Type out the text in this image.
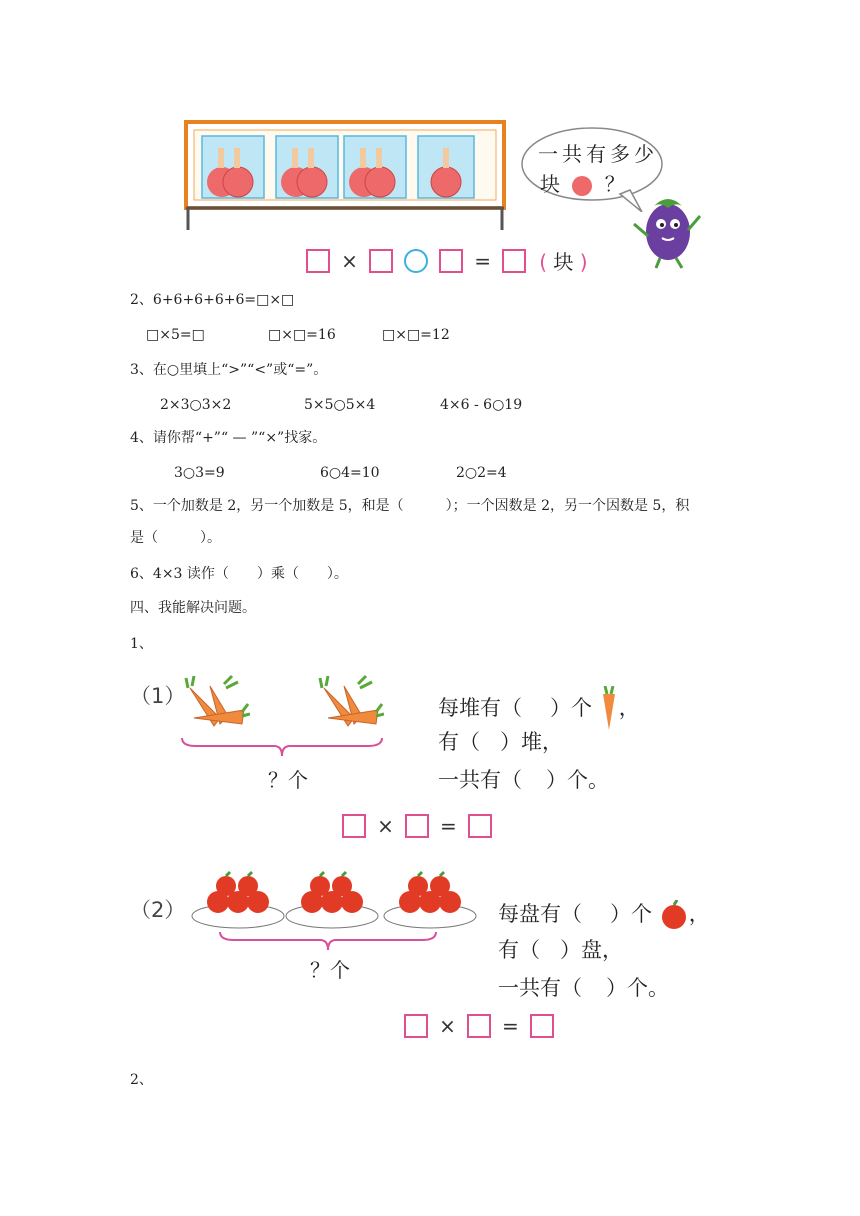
一共有多少
块 ？
×	= ( 块 )
2、6+6+6+6+6=□×□
□×5=□	□×□=16	□×□=12
3、在○里填上“>”“<”或“=”。
2×3○3×2	5×5○5×4	4×6 - 6○19
4、请你帮“+”“ — ”“×”找家。
3○3=9	6○4=10	2○2=4
5、一个加数是 2，另一个加数是 5，和是（　　　）；一个因数是 2，另一个因数是 5，积
是（　　　）。
6、4×3 读作（　　）乘（　　）。
四、我能解决问题。
1、
（1）
？个
每堆有（ ）个 ，
有（ ）堆，
一共有（ ）个。
× =
（2）
？个
每盘有（ ）个 ，
有（ ）盘，
一共有（ ）个。
× =
2、
